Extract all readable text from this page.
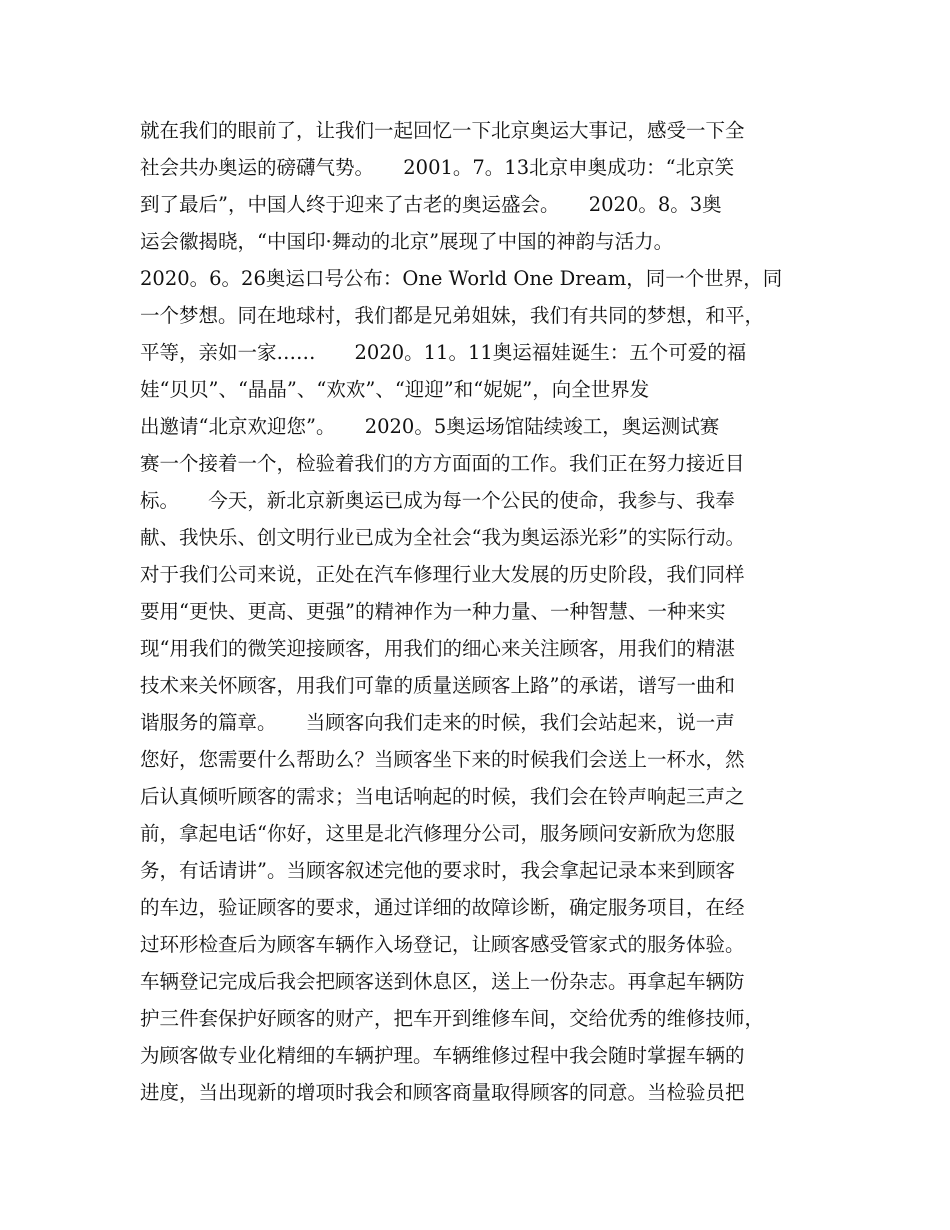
就在我们的眼前了，让我们一起回忆一下北京奥运大事记，感受一下全
社会共办奥运的磅礴气势。　　2001。7。13北京申奥成功：“北京笑
到了最后”，中国人终于迎来了古老的奥运盛会。　　2020。8。3奥
运会徽揭晓，“中国印·舞动的北京”展现了中国的神韵与活力。
2020。6。26奥运口号公布：One World One Dream，同一个世界，同
一个梦想。同在地球村，我们都是兄弟姐妹，我们有共同的梦想，和平，
平等，亲如一家……　　2020。11。11奥运福娃诞生：五个可爱的福
娃“贝贝”、“晶晶”、“欢欢”、“迎迎”和“妮妮”，向全世界发
出邀请“北京欢迎您”。　　2020。5奥运场馆陆续竣工，奥运测试赛
赛一个接着一个，检验着我们的方方面面的工作。我们正在努力接近目
标。　　今天，新北京新奥运已成为每一个公民的使命，我参与、我奉
献、我快乐、创文明行业已成为全社会“我为奥运添光彩”的实际行动。
对于我们公司来说，正处在汽车修理行业大发展的历史阶段，我们同样
要用“更快、更高、更强”的精神作为一种力量、一种智慧、一种来实
现“用我们的微笑迎接顾客，用我们的细心来关注顾客，用我们的精湛
技术来关怀顾客，用我们可靠的质量送顾客上路”的承诺，谱写一曲和
谐服务的篇章。　　当顾客向我们走来的时候，我们会站起来，说一声
您好，您需要什么帮助么？当顾客坐下来的时候我们会送上一杯水，然
后认真倾听顾客的需求；当电话响起的时候，我们会在铃声响起三声之
前，拿起电话“你好，这里是北汽修理分公司，服务顾问安新欣为您服
务，有话请讲”。当顾客叙述完他的要求时，我会拿起记录本来到顾客
的车边，验证顾客的要求，通过详细的故障诊断，确定服务项目，在经
过环形检查后为顾客车辆作入场登记，让顾客感受管家式的服务体验。
车辆登记完成后我会把顾客送到休息区，送上一份杂志。再拿起车辆防
护三件套保护好顾客的财产，把车开到维修车间，交给优秀的维修技师，
为顾客做专业化精细的车辆护理。车辆维修过程中我会随时掌握车辆的
进度，当出现新的增项时我会和顾客商量取得顾客的同意。当检验员把
